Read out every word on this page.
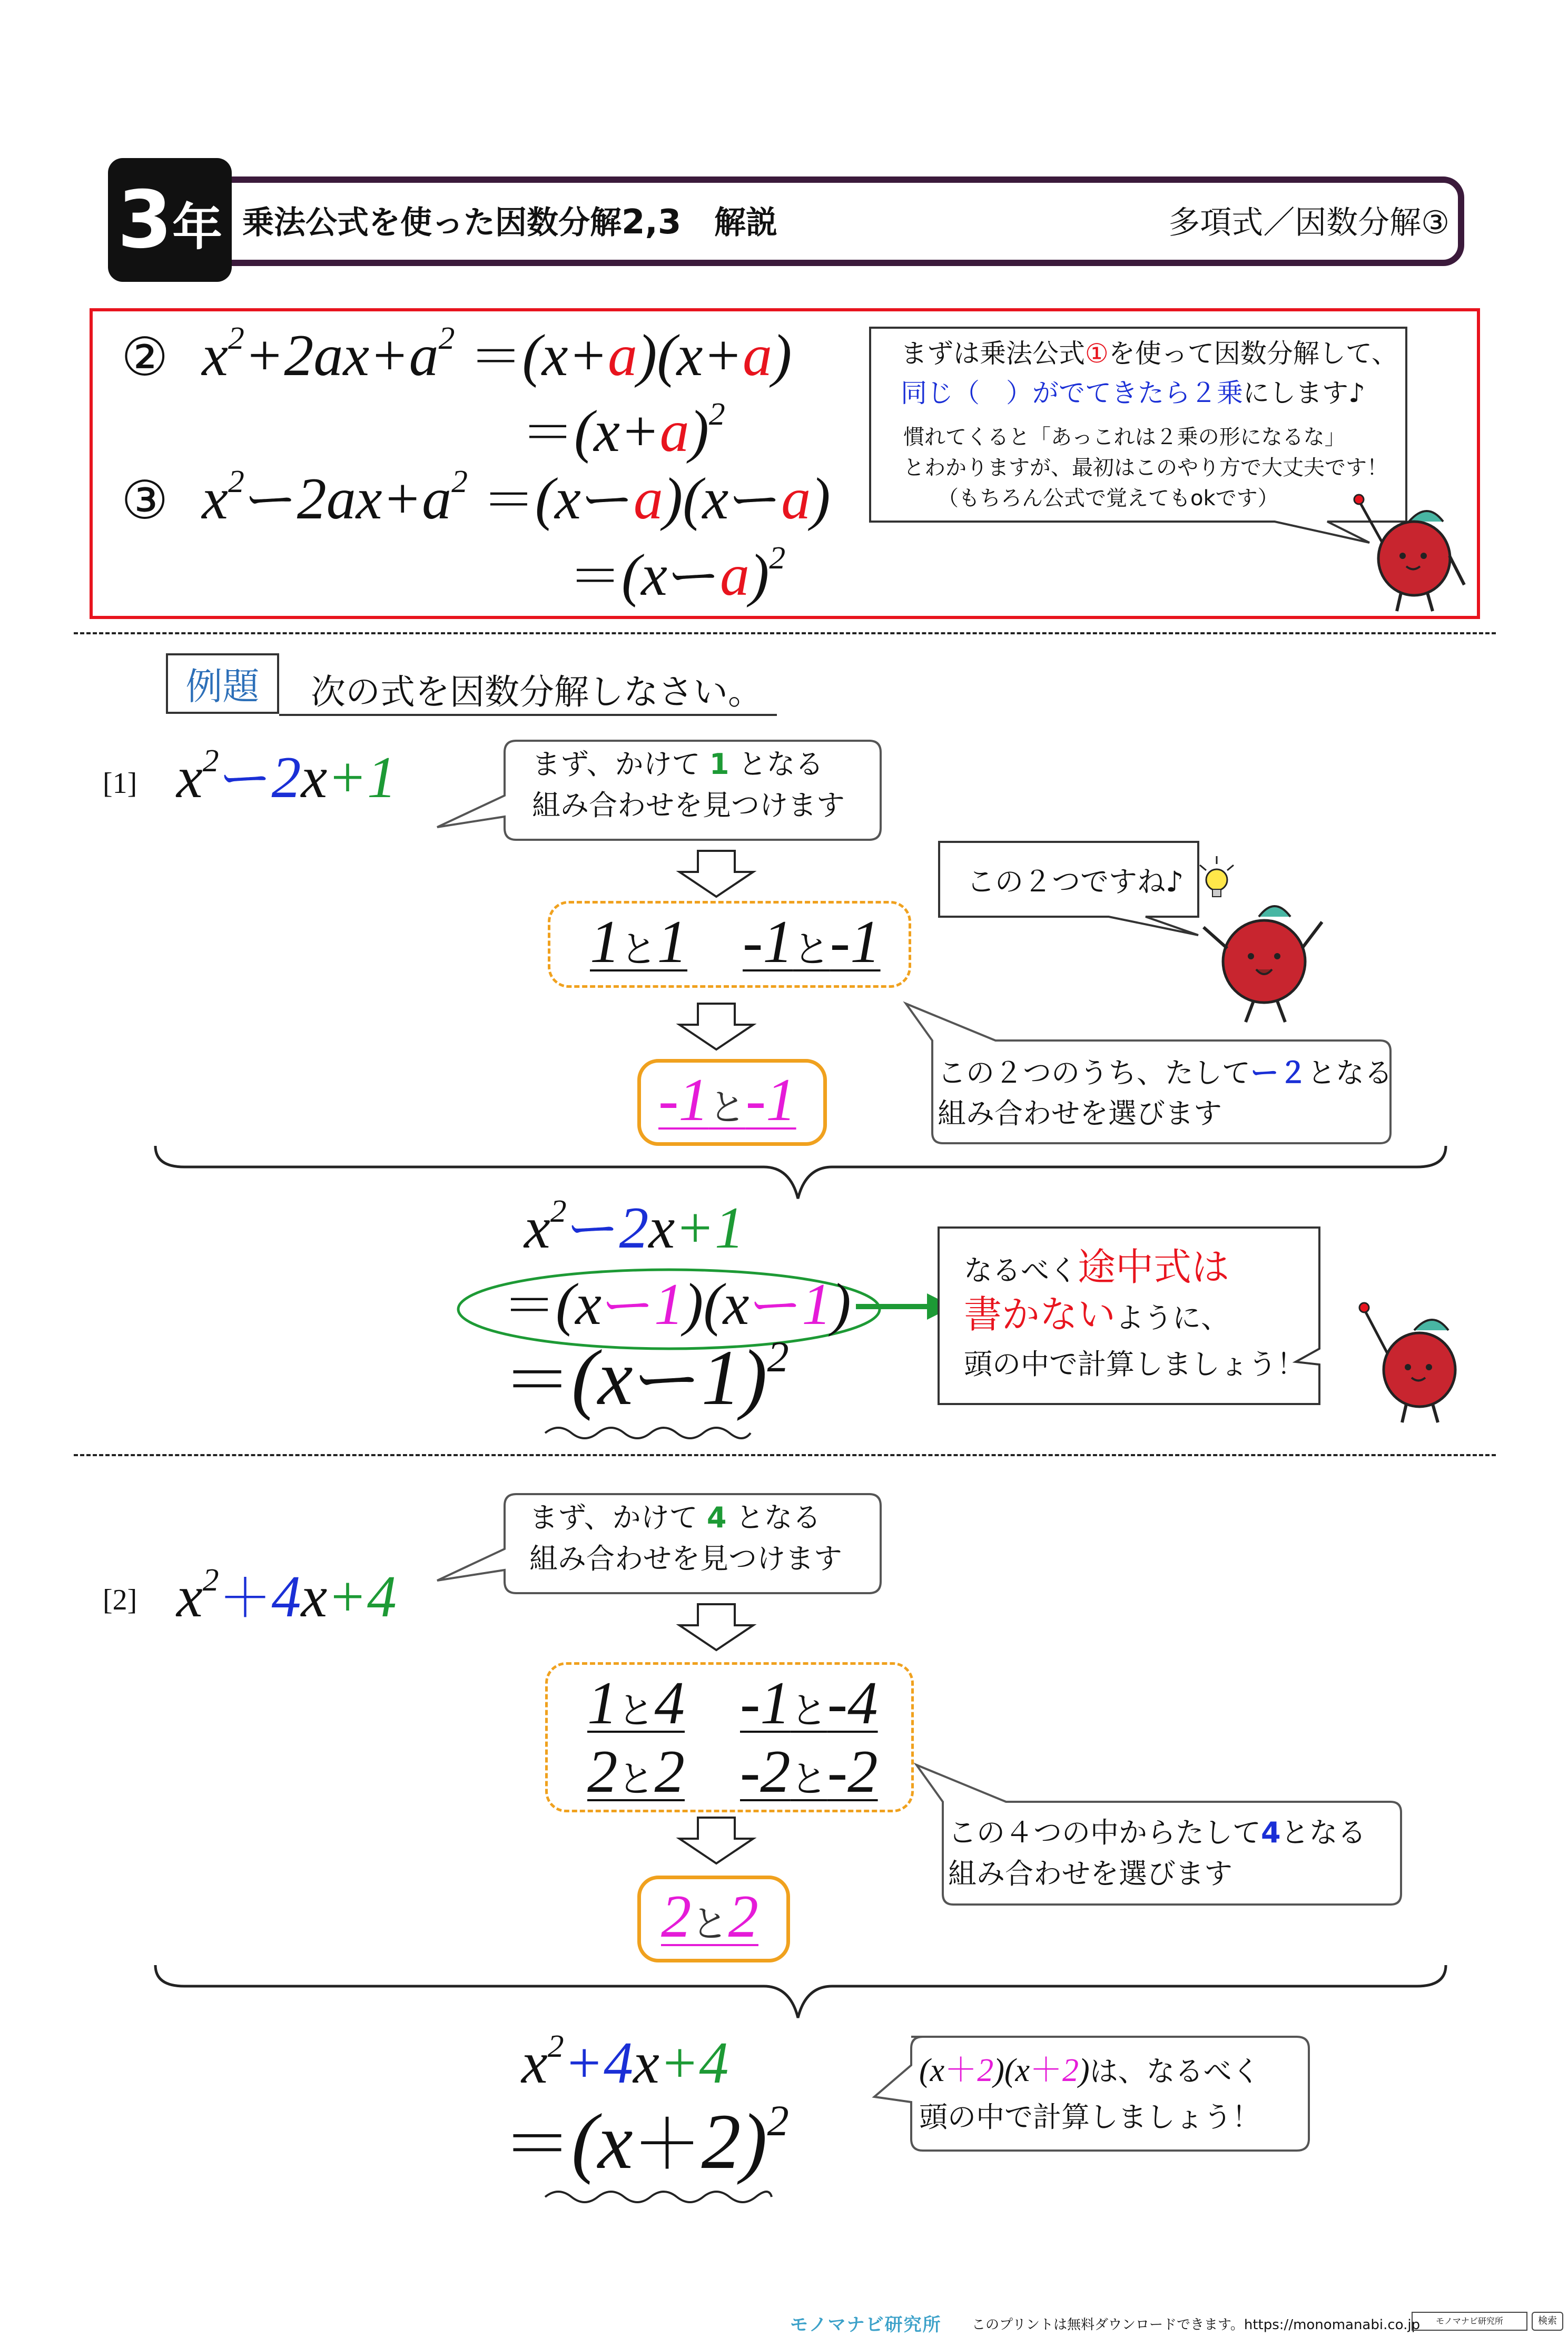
3 年 乗法公式を使った因数分解2,3 解説	多項式／因数分解③
②  $x^2+2ax+a^2 =(x+a)(x+a)$
$=(x+a)^2$
③  $x^2$ー$2ax+a^2 =(x$ーa)(xーa)
＝(xーa)$^2$
まずは乗法公式①を使って因数分解して、
同じ（　）がでてきたら２乗にします♪
慣れてくると「あっこれは２乗の形になるな」
とわかりますが、最初はこのやり方で大丈夫です！
（もちろん公式で覚えてもokです）
例題	次の式を因数分解しなさい。
[1] $x^2$ー2x+1	まず、かけて 1 となる
組み合わせを見つけます
1と1 -1と-1
この２つですね♪
この２つのうち、たしてー２となる
組み合わせを選びます
-1と-1
$x^2$ー2x+1
＝(xー1)(xー1)
＝(xー1)$^2$
なるべく途中式は
書かないように、
頭の中で計算しましょう！
[2] $x^2+4x+4$
まず、かけて 4 となる
組み合わせを見つけます
1と4 -1と-4
2と2 -2と-2
この４つの中からたして4となる
組み合わせを選びます
2と2
$x^2+4x+4$
$=(x+2)^2$
(x＋2)(x＋2)は、なるべく
頭の中で計算しましょう！
モノマナビ研究所 このプリントは無料ダウンロードできます。https://monomanabi.co.jp	モノマナビ研究所	検索
